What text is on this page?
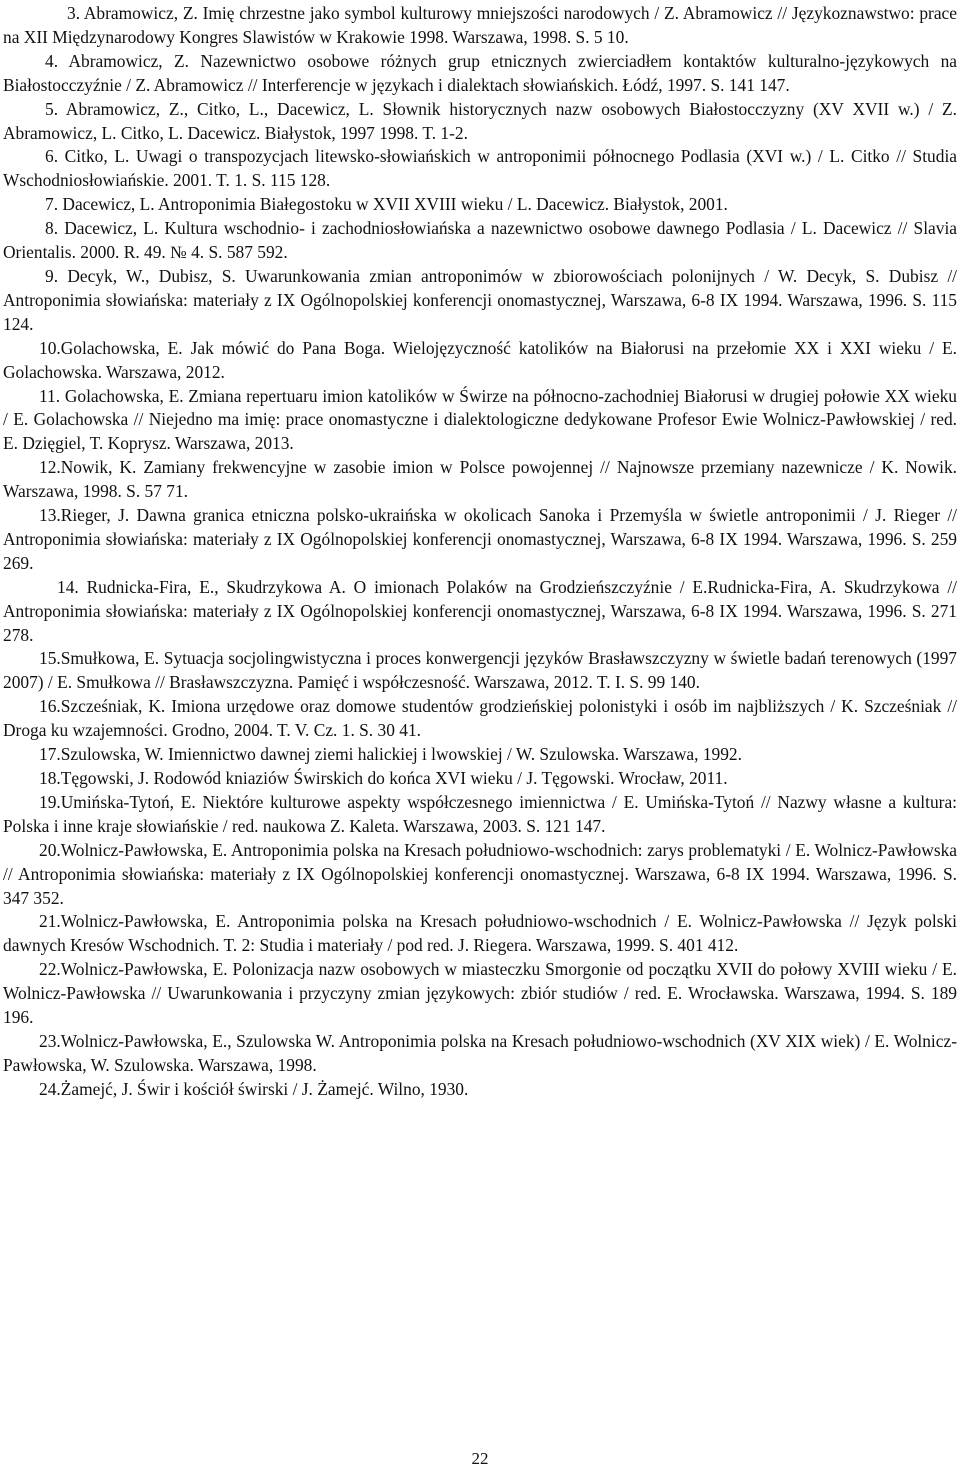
3. Abramowicz, Z. Imię chrzestne jako symbol kulturowy mniejszości narodowych / Z. Abramowicz // Językoznawstwo: prace na XII Międzynarodowy Kongres Slawistów w Krakowie 1998. Warszawa, 1998. S. 5 10.

4. Abramowicz, Z. Nazewnictwo osobowe różnych grup etnicznych zwierciadłem kontaktów kulturalno-językowych na Białostocczyźnie / Z. Abramowicz // Interferencje w językach i dialektach słowiańskich. Łódź, 1997. S. 141 147.

5. Abramowicz, Z., Citko, L., Dacewicz, L. Słownik historycznych nazw osobowych Białostocczyzny (XV XVII w.) / Z. Abramowicz, L. Citko, L. Dacewicz. Białystok, 1997 1998. T. 1-2.

6. Citko, L. Uwagi o transpozycjach litewsko-słowiańskich w antroponimii północnego Podlasia (XVI w.) / L. Citko // Studia Wschodniosłowiańskie. 2001. T. 1. S. 115 128.

7. Dacewicz, L. Antroponimia Białegostoku w XVII XVIII wieku / L. Dacewicz. Białystok, 2001.

8. Dacewicz, L. Kultura wschodnio- i zachodniosłowiańska a nazewnictwo osobowe dawnego Podlasia / L. Dacewicz // Slavia Orientalis. 2000. R. 49. № 4. S. 587 592.

9. Decyk, W., Dubisz, S. Uwarunkowania zmian antroponimów w zbiorowościach polonijnych / W. Decyk, S. Dubisz // Antroponimia słowiańska: materiały z IX Ogólnopolskiej konferencji onomastycznej, Warszawa, 6-8 IX 1994. Warszawa, 1996. S. 115 124.

10.Golachowska, E. Jak mówić do Pana Boga. Wielojęzyczność katolików na Białorusi na przełomie XX i XXI wieku / E. Golachowska. Warszawa, 2012.

11. Golachowska, E. Zmiana repertuaru imion katolików w Świrze na północno-zachodniej Białorusi w drugiej połowie XX wieku / E. Golachowska // Niejedno ma imię: prace onomastyczne i dialektologiczne dedykowane Profesor Ewie Wolnicz-Pawłowskiej / red. E. Dzięgiel, T. Koprysz. Warszawa, 2013.

12.Nowik, K. Zamiany frekwencyjne w zasobie imion w Polsce powojennej // Najnowsze przemiany nazewnicze / K. Nowik. Warszawa, 1998. S. 57 71.

13.Rieger, J. Dawna granica etniczna polsko-ukraińska w okolicach Sanoka i Przemyśla w świetle antroponimii / J. Rieger // Antroponimia słowiańska: materiały z IX Ogólnopolskiej konferencji onomastycznej, Warszawa, 6-8 IX 1994. Warszawa, 1996. S. 259 269.

14. Rudnicka-Fira, E., Skudrzykowa A. O imionach Polaków na Grodzieńszczyźnie / E.Rudnicka-Fira, A. Skudrzykowa // Antroponimia słowiańska: materiały z IX Ogólnopolskiej konferencji onomastycznej, Warszawa, 6-8 IX 1994. Warszawa, 1996. S. 271 278.

15.Smułkowa, E. Sytuacja socjolingwistyczna i proces konwergencji języków Brasławszczyzny w świetle badań terenowych (1997 2007) / E. Smułkowa // Brasławszczyzna. Pamięć i współczesność. Warszawa, 2012. T. I. S. 99 140.

16.Szcześniak, K. Imiona urzędowe oraz domowe studentów grodzieńskiej polonistyki i osób im najbliższych / K. Szcześniak // Droga ku wzajemności. Grodno, 2004. T. V. Cz. 1. S. 30 41.

17.Szulowska, W. Imiennictwo dawnej ziemi halickiej i lwowskiej / W. Szulowska. Warszawa, 1992.

18.Tęgowski, J. Rodowód kniaziów Świrskich do końca XVI wieku / J. Tęgowski. Wrocław, 2011.

19.Umińska-Tytoń, E. Niektóre kulturowe aspekty współczesnego imiennictwa / E. Umińska-Tytoń // Nazwy własne a kultura: Polska i inne kraje słowiańskie / red. naukowa Z. Kaleta. Warszawa, 2003. S. 121 147.

20.Wolnicz-Pawłowska, E. Antroponimia polska na Kresach południowo-wschodnich: zarys problematyki / E. Wolnicz-Pawłowska // Antroponimia słowiańska: materiały z IX Ogólnopolskiej konferencji onomastycznej. Warszawa, 6-8 IX 1994. Warszawa, 1996. S. 347 352.

21.Wolnicz-Pawłowska, E. Antroponimia polska na Kresach południowo-wschodnich / E. Wolnicz-Pawłowska // Język polski dawnych Kresów Wschodnich. T. 2: Studia i materiały / pod red. J. Riegera. Warszawa, 1999. S. 401 412.

22.Wolnicz-Pawłowska, E. Polonizacja nazw osobowych w miasteczku Smorgonie od początku XVII do połowy XVIII wieku / E. Wolnicz-Pawłowska // Uwarunkowania i przyczyny zmian językowych: zbiór studiów / red. E. Wrocławska. Warszawa, 1994. S. 189 196.

23.Wolnicz-Pawłowska, E., Szulowska W. Antroponimia polska na Kresach południowo-wschodnich (XV XIX wiek) / E. Wolnicz-Pawłowska, W. Szulowska. Warszawa, 1998.

24.Żamejć, J. Świr i kościół świrski / J. Żamejć. Wilno, 1930.

22
